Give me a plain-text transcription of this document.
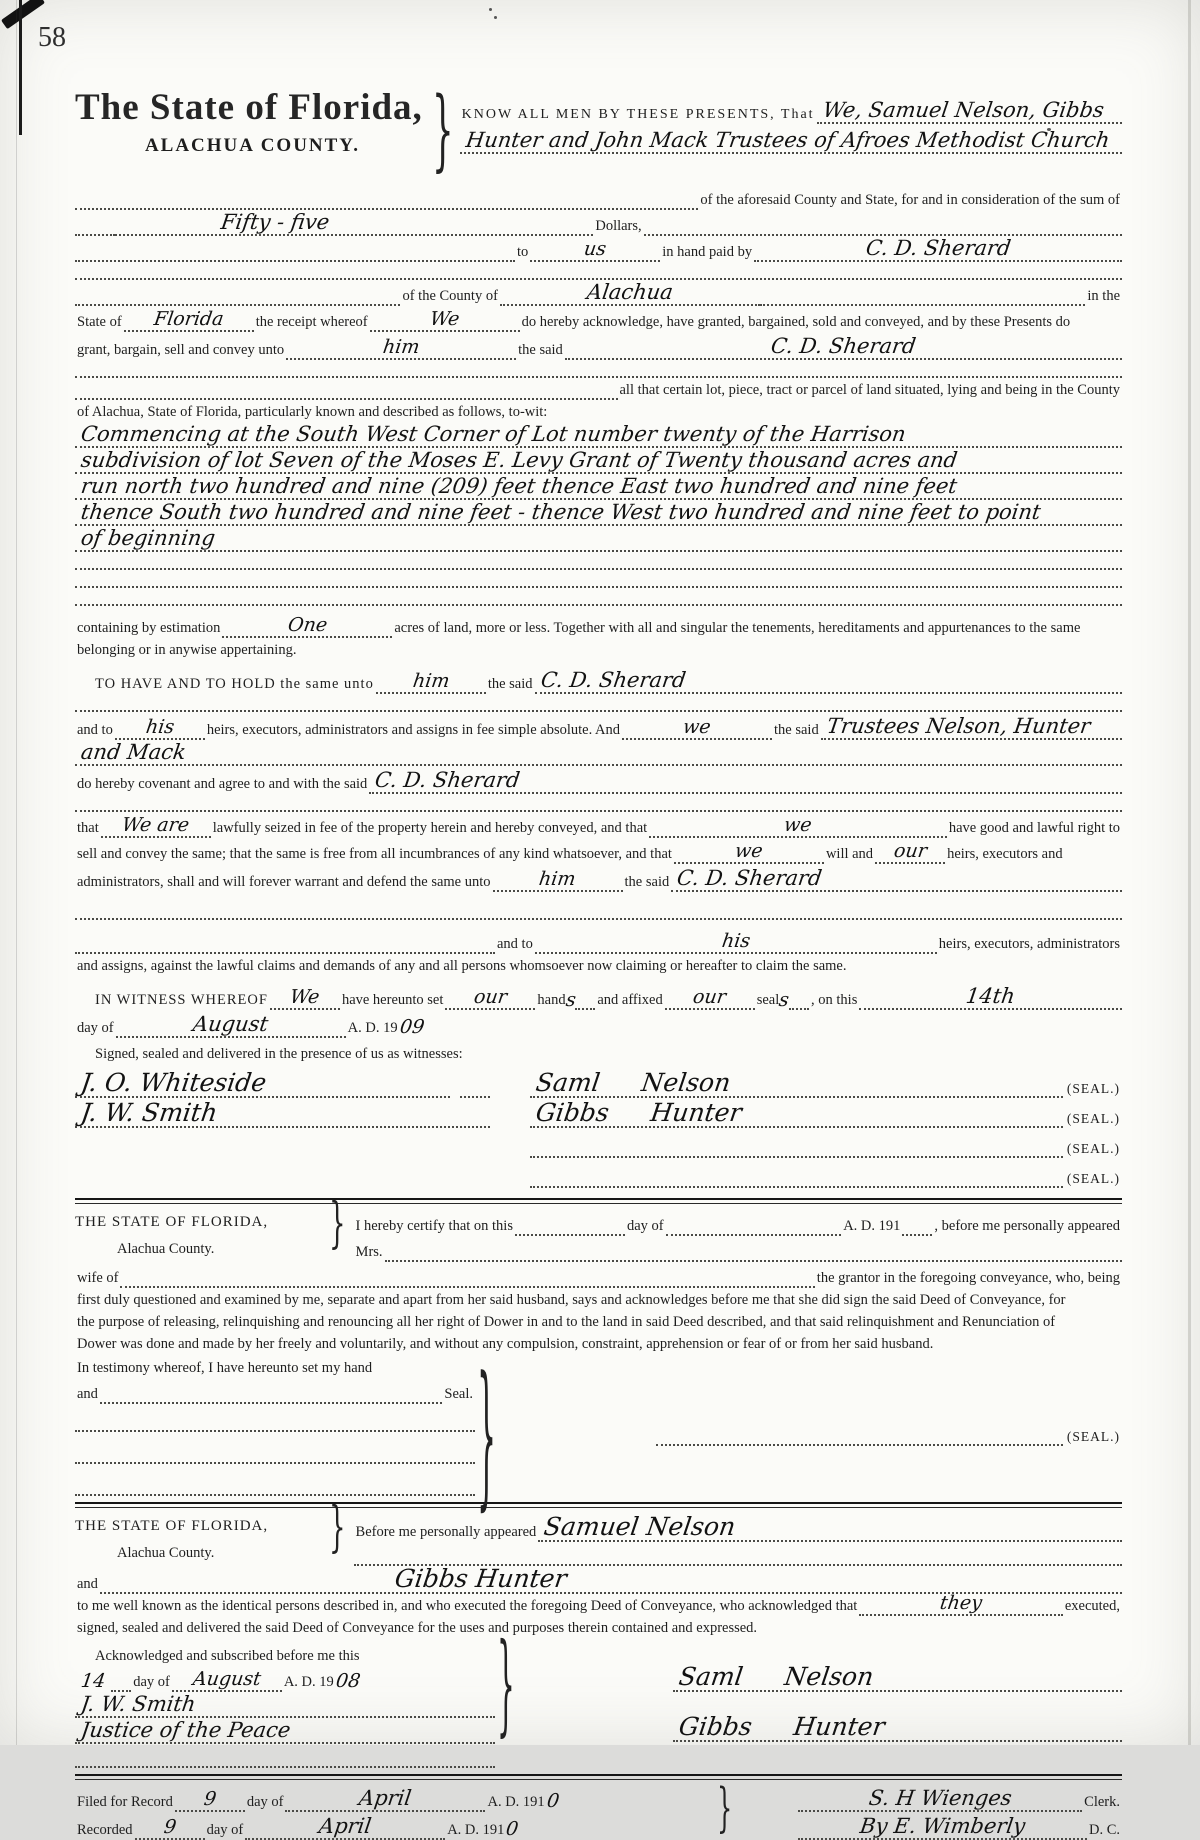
58
The State of Florida,
ALACHUA COUNTY.	} KNOW ALL MEN BY THESE PRESENTS, That We, Samuel Nelson, Gibbs
Hunter and John Mack Trustees of Afroes Methodist Church
of the aforesaid County and State, for and in consideration of the sum of
Fifty - five	Dollars,
to	us	in hand paid by	C. D. Sherard
of the County of	Alachua	in the
State of	Florida	the receipt whereof	We	do hereby acknowledge, have granted, bargained, sold and conveyed, and by these Presents do
grant, bargain, sell and convey unto	him	the said	C. D. Sherard
all that certain lot, piece, tract or parcel of land situated, lying and being in the County
of Alachua, State of Florida, particularly known and described as follows, to-wit:
Commencing at the South West Corner of Lot number twenty of the Harrison
subdivision of lot Seven of the Moses E. Levy Grant of Twenty thousand acres and
run north two hundred and nine (209) feet thence East two hundred and nine feet
thence South two hundred and nine feet - thence West two hundred and nine feet to point
of beginning
containing by estimation	One	acres of land, more or less. Together with all and singular the tenements, hereditaments and appurtenances to the same
belonging or in anywise appertaining.
TO HAVE AND TO HOLD the same unto	him	the said C. D. Sherard
and to	his	heirs, executors, administrators and assigns in fee simple absolute. And	we	the said Trustees Nelson, Hunter
and Mack
do hereby covenant and agree to and with the said C. D. Sherard
that	We are	lawfully seized in fee of the property herein and hereby conveyed, and that	we	have good and lawful right to
sell and convey the same; that the same is free from all incumbrances of any kind whatsoever, and that	we	will and	our	heirs, executors and
administrators, shall and will forever warrant and defend the same unto	him	the said C. D. Sherard
and to	his	heirs, executors, administrators
and assigns, against the lawful claims and demands of any and all persons whomsoever now claiming or hereafter to claim the same.
IN WITNESS WHEREOF	We	have hereunto set	our	hand
s and affixed	our	seal
s , on this	14th
day of	August	A. D. 19 09
Signed, sealed and delivered in the presence of us as witnesses:
J. O. Whiteside
J. W. Smith
Saml Nelson	(SEAL.)
Gibbs Hunter	(SEAL.)
(SEAL.)
(SEAL.)
THE STATE OF FLORIDA,
Alachua County.	} I hereby certify that on this	day of	A. D. 191 , before me personally appeared
Mrs.
wife of	the grantor in the foregoing conveyance, who, being
first duly questioned and examined by me, separate and apart from her said husband, says and acknowledges before me that she did sign the said Deed of Conveyance, for
the purpose of releasing, relinquishing and renouncing all her right of Dower in and to the land in said Deed described, and that said relinquishment and Renunciation of
Dower was done and made by her freely and voluntarily, and without any compulsion, constraint, apprehension or fear of or from her said husband.
In testimony whereof, I have hereunto set my hand
and	Seal. }	(SEAL.)
THE STATE OF FLORIDA,
Alachua County.	} Before me personally appeared Samuel Nelson
and	Gibbs Hunter
to me well known as the identical persons described in, and who executed the foregoing Deed of Conveyance, who acknowledged that	they	executed,
signed, sealed and delivered the said Deed of Conveyance for the uses and purposes therein contained and expressed.
Acknowledged and subscribed before me this
14	day of	August	A. D. 19 08
J. W. Smith
Justice of the Peace	}	Saml Nelson
Gibbs Hunter
Filed for Record	9	day of	April	A. D. 191 0
Recorded	9	day of	April	A. D. 191 0	}	S. H Wienges	Clerk.
By E. Wimberly	D. C.
